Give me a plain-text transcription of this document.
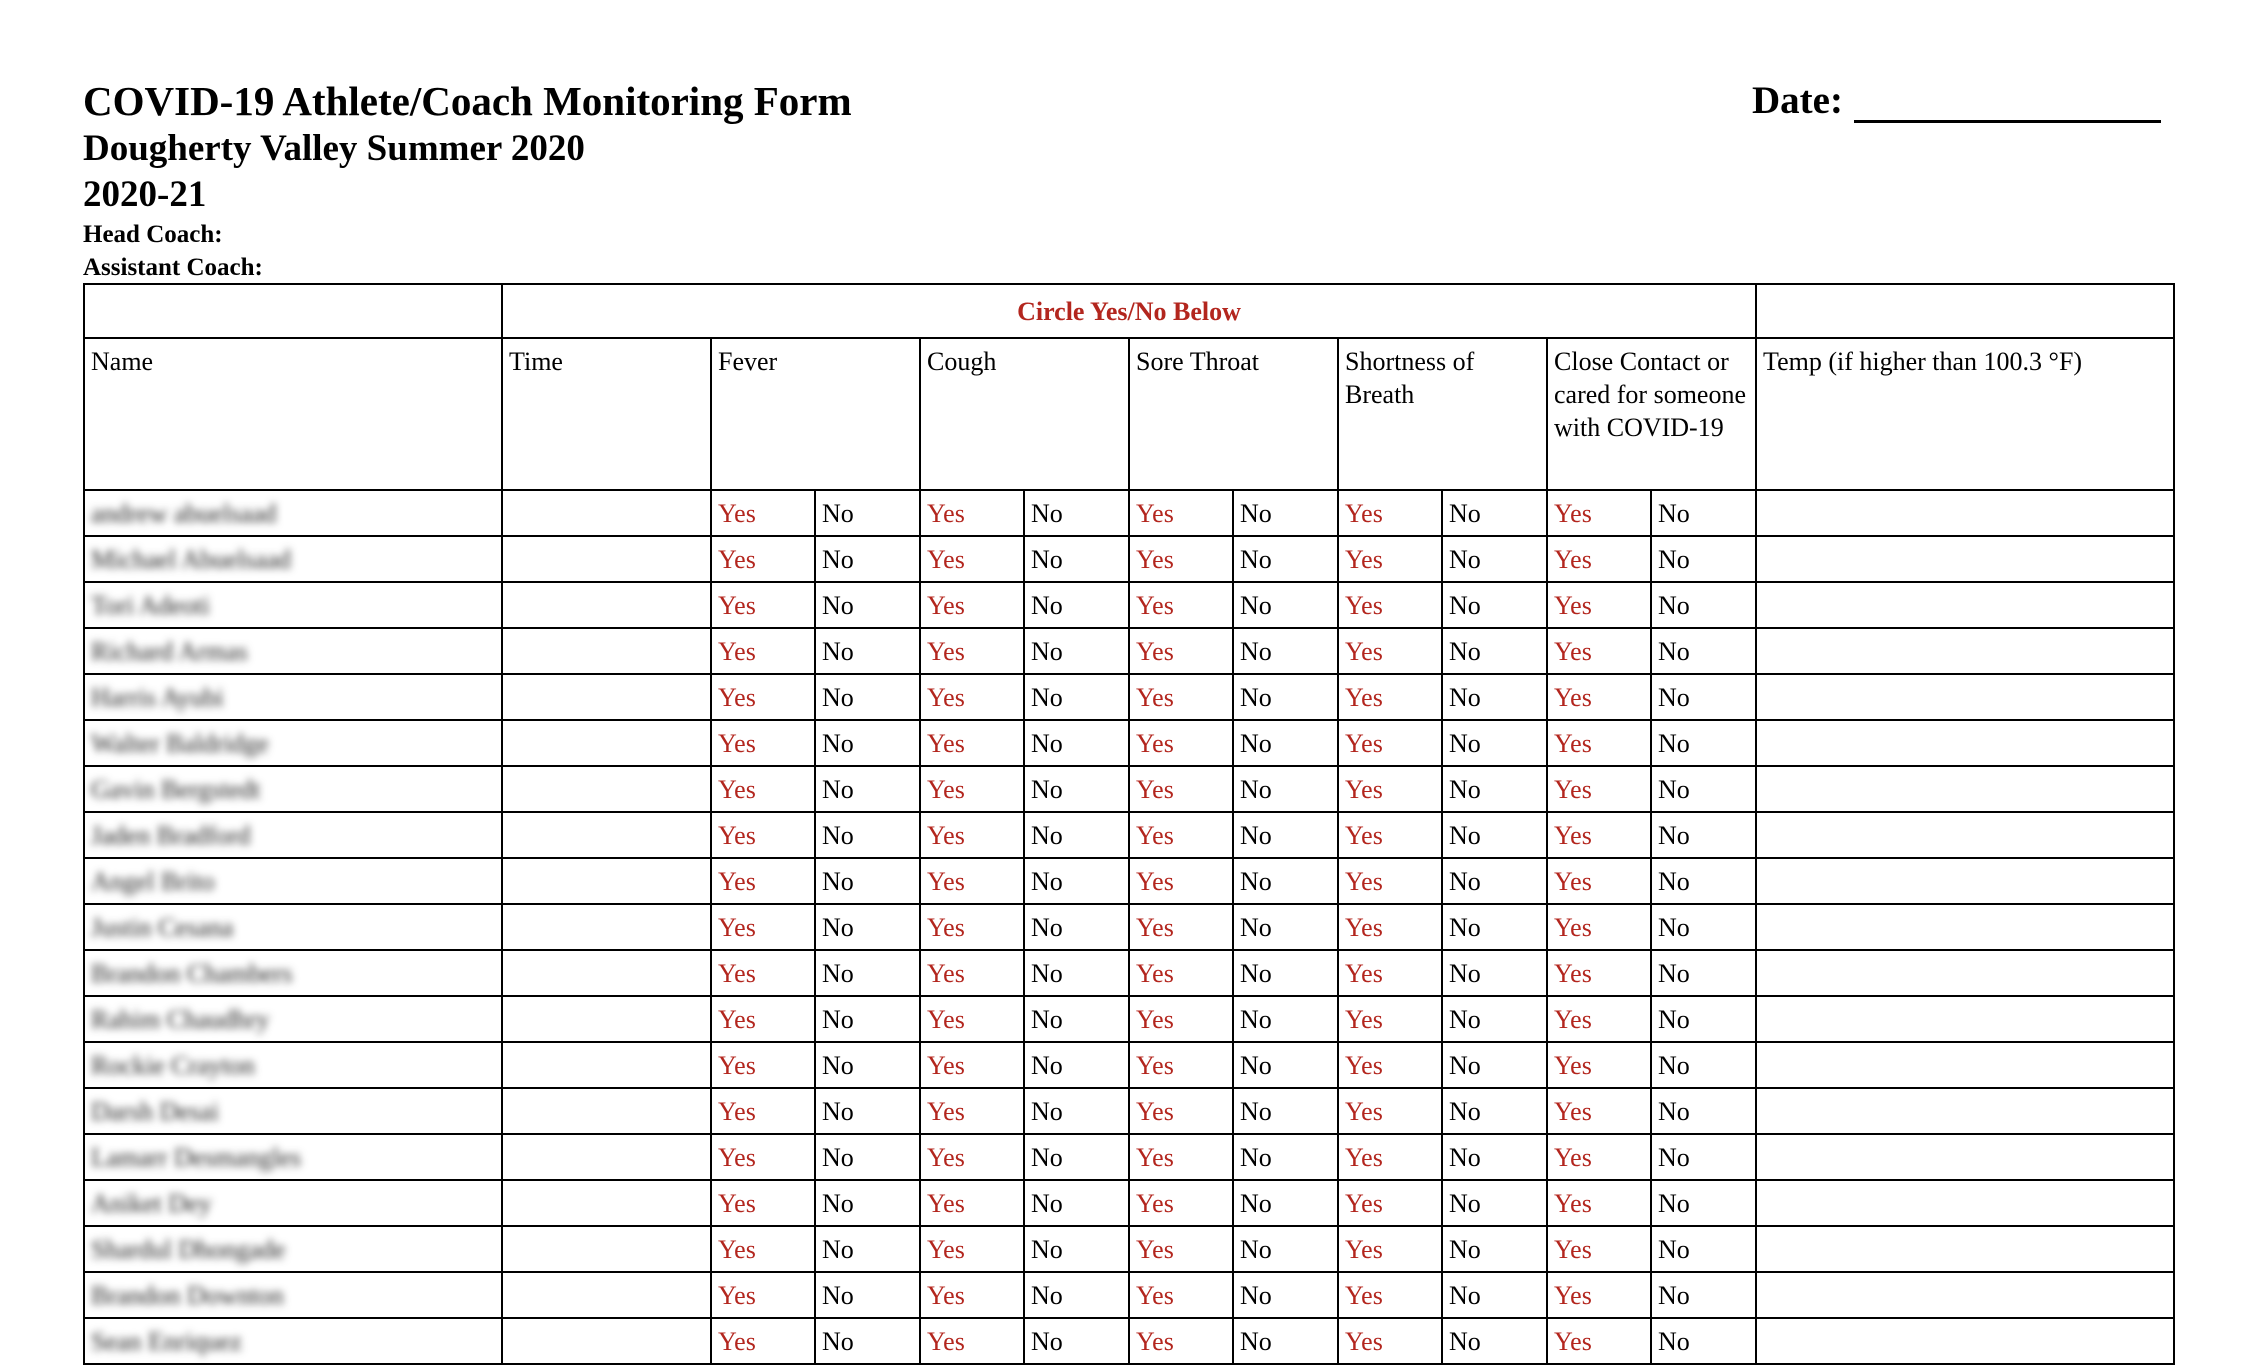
COVID-19 Athlete/Coach Monitoring Form
Dougherty Valley Summer 2020
2020-21
Head Coach:
Assistant Coach:
Date:
	Circle Yes/No Below											
Name	Time	Fever		Cough		Sore Throat		Shortness of Breath		Close Contact or cared for someone with COVID-19		Temp (if higher than 100.3 °F)
andrew abuelsaad		Yes	No	Yes	No	Yes	No	Yes	No	Yes	No	
Michael Abuelsaad		Yes	No	Yes	No	Yes	No	Yes	No	Yes	No	
Tori Adeoti		Yes	No	Yes	No	Yes	No	Yes	No	Yes	No	
Richard Armas		Yes	No	Yes	No	Yes	No	Yes	No	Yes	No	
Harris Ayubi		Yes	No	Yes	No	Yes	No	Yes	No	Yes	No	
Walter Baldridge		Yes	No	Yes	No	Yes	No	Yes	No	Yes	No	
Gavin Bergstedt		Yes	No	Yes	No	Yes	No	Yes	No	Yes	No	
Jaden Bradford		Yes	No	Yes	No	Yes	No	Yes	No	Yes	No	
Angel Brito		Yes	No	Yes	No	Yes	No	Yes	No	Yes	No	
Justin Cesana		Yes	No	Yes	No	Yes	No	Yes	No	Yes	No	
Brandon Chambers		Yes	No	Yes	No	Yes	No	Yes	No	Yes	No	
Rahim Chaudhry		Yes	No	Yes	No	Yes	No	Yes	No	Yes	No	
Rockie Crayton		Yes	No	Yes	No	Yes	No	Yes	No	Yes	No	
Darsh Desai		Yes	No	Yes	No	Yes	No	Yes	No	Yes	No	
Lamarr Desmangles		Yes	No	Yes	No	Yes	No	Yes	No	Yes	No	
Aniket Dey		Yes	No	Yes	No	Yes	No	Yes	No	Yes	No	
Shardul Dhongade		Yes	No	Yes	No	Yes	No	Yes	No	Yes	No	
Brandon Downton		Yes	No	Yes	No	Yes	No	Yes	No	Yes	No	
Sean Enriquez		Yes	No	Yes	No	Yes	No	Yes	No	Yes	No	
